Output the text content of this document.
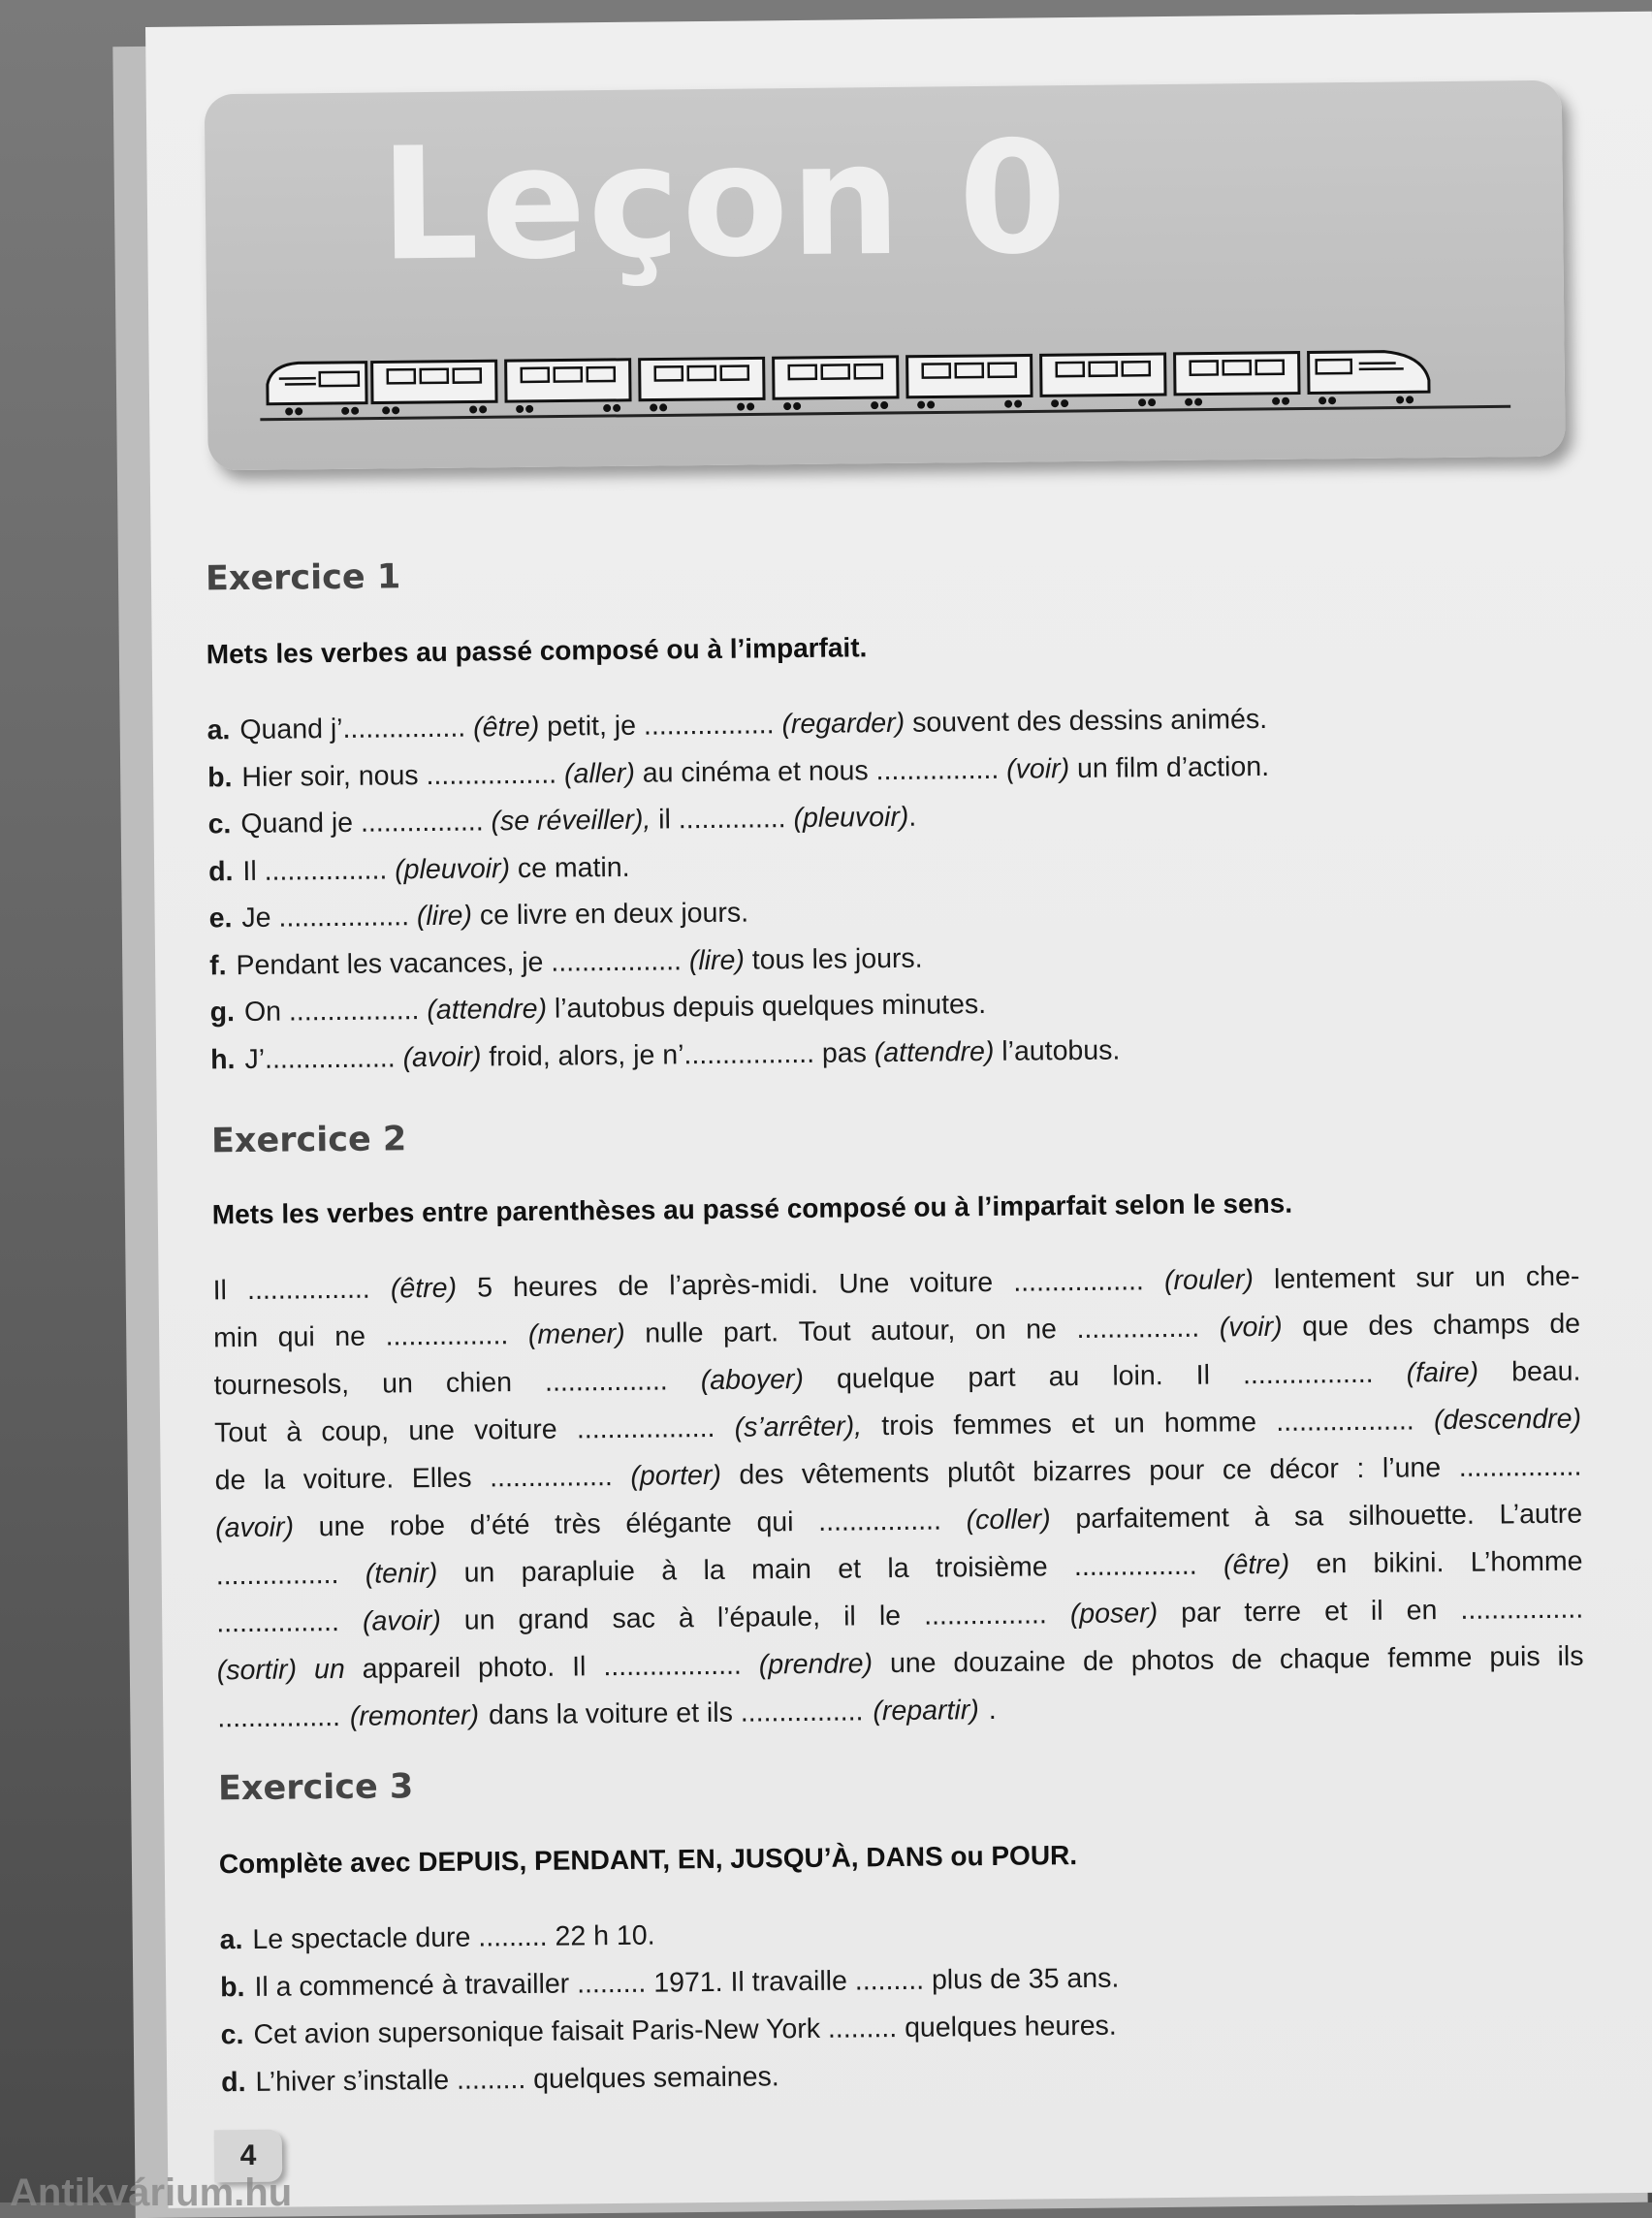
Leçon 0
Exercice 1
Mets les verbes au passé composé ou à l’imparfait.
a. Quand j’................ (être) petit, je ................. (regarder) souvent des dessins animés.
b. Hier soir, nous ................. (aller) au cinéma et nous ................ (voir) un film d’action.
c. Quand je ................ (se réveiller), il .............. (pleuvoir).
d. Il ................ (pleuvoir) ce matin.
e. Je ................. (lire) ce livre en deux jours.
f. Pendant les vacances, je ................. (lire) tous les jours.
g. On ................. (attendre) l’autobus depuis quelques minutes.
h. J’................. (avoir) froid, alors, je n’................. pas (attendre) l’autobus.
Exercice 2
Mets les verbes entre parenthèses au passé composé ou à l’imparfait selon le sens.
Il ................ (être) 5 heures de l’après-midi. Une voiture ................. (rouler) lentement sur un che-
min qui ne ................ (mener) nulle part. Tout autour, on ne ................ (voir) que des champs de
tournesols, un chien ................ (aboyer) quelque part au loin. Il ................. (faire) beau.
Tout à coup, une voiture .................. (s’arrêter), trois femmes et un homme .................. (descendre)
de la voiture. Elles ................ (porter) des vêtements plutôt bizarres pour ce décor : l’une ................
(avoir) une robe d’été très élégante qui ................ (coller) parfaitement à sa silhouette. L’autre
................ (tenir) un parapluie à la main et la troisième ................ (être) en bikini. L’homme
................ (avoir) un grand sac à l’épaule, il le ................ (poser) par terre et il en ................
(sortir) un appareil photo. Il .................. (prendre) une douzaine de photos de chaque femme puis ils
................ (remonter) dans la voiture et ils ................ (repartir) .
Exercice 3
Complète avec DEPUIS, PENDANT, EN, JUSQU’À, DANS ou POUR.
a. Le spectacle dure ......... 22 h 10.
b. Il a commencé à travailler ......... 1971. Il travaille ......... plus de 35 ans.
c. Cet avion supersonique faisait Paris-New York ......... quelques heures.
d. L’hiver s’installe ......... quelques semaines.
4
Antikvárium.hu
